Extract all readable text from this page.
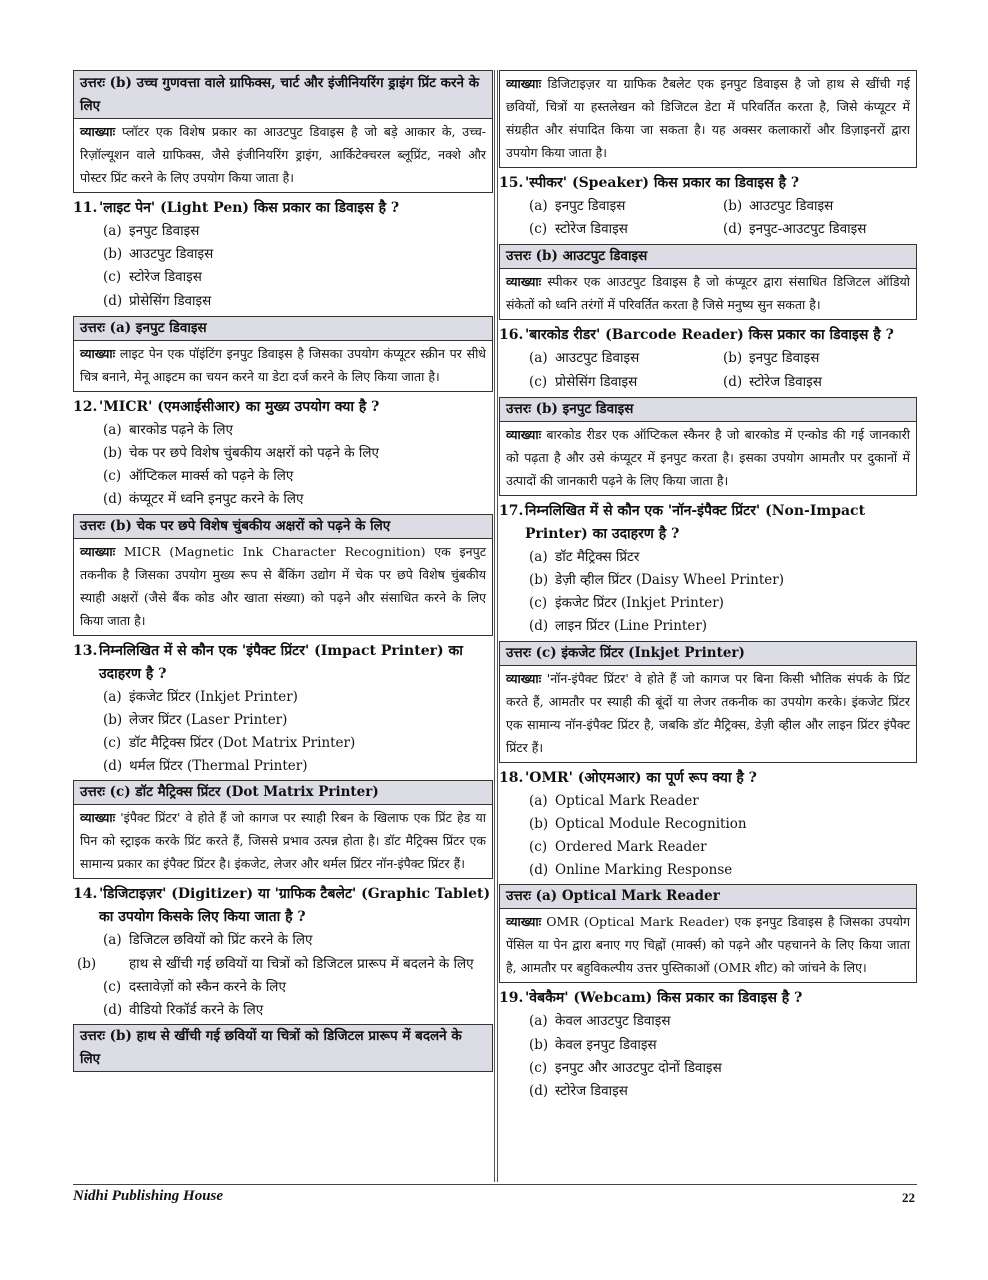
उत्तरः (b) उच्च गुणवत्ता वाले ग्राफिक्स, चार्ट और इंजीनियरिंग ड्राइंग प्रिंट करने के लिए
व्याख्याः प्लॉटर एक विशेष प्रकार का आउटपुट डिवाइस है जो बड़े आकार के, उच्च-रिज़ॉल्यूशन वाले ग्राफिक्स, जैसे इंजीनियरिंग ड्राइंग, आर्किटेक्चरल ब्लूप्रिंट, नक्शे और पोस्टर प्रिंट करने के लिए उपयोग किया जाता है।
11. 'लाइट पेन' (Light Pen) किस प्रकार का डिवाइस है ?
(a) इनपुट डिवाइस
(b) आउटपुट डिवाइस
(c) स्टोरेज डिवाइस
(d) प्रोसेसिंग डिवाइस
उत्तरः (a) इनपुट डिवाइस
व्याख्याः लाइट पेन एक पॉइंटिंग इनपुट डिवाइस है जिसका उपयोग कंप्यूटर स्क्रीन पर सीधे चित्र बनाने, मेनू आइटम का चयन करने या डेटा दर्ज करने के लिए किया जाता है।
12. 'MICR' (एमआईसीआर) का मुख्य उपयोग क्या है ?
(a) बारकोड पढ़ने के लिए
(b) चेक पर छपे विशेष चुंबकीय अक्षरों को पढ़ने के लिए
(c) ऑप्टिकल मार्क्स को पढ़ने के लिए
(d) कंप्यूटर में ध्वनि इनपुट करने के लिए
उत्तरः (b) चेक पर छपे विशेष चुंबकीय अक्षरों को पढ़ने के लिए
व्याख्याः MICR (Magnetic Ink Character Recognition) एक इनपुट तकनीक है जिसका उपयोग मुख्य रूप से बैंकिंग उद्योग में चेक पर छपे विशेष चुंबकीय स्याही अक्षरों (जैसे बैंक कोड और खाता संख्या) को पढ़ने और संसाधित करने के लिए किया जाता है।
13. निम्नलिखित में से कौन एक 'इंपैक्ट प्रिंटर' (Impact Printer) का उदाहरण है ?
(a) इंकजेट प्रिंटर (Inkjet Printer)
(b) लेजर प्रिंटर (Laser Printer)
(c) डॉट मैट्रिक्स प्रिंटर (Dot Matrix Printer)
(d) थर्मल प्रिंटर (Thermal Printer)
उत्तरः (c) डॉट मैट्रिक्स प्रिंटर (Dot Matrix Printer)
व्याख्याः 'इंपैक्ट प्रिंटर' वे होते हैं जो कागज पर स्याही रिबन के खिलाफ एक प्रिंट हेड या पिन को स्ट्राइक करके प्रिंट करते हैं, जिससे प्रभाव उत्पन्न होता है। डॉट मैट्रिक्स प्रिंटर एक सामान्य प्रकार का इंपैक्ट प्रिंटर है। इंकजेट, लेजर और थर्मल प्रिंटर नॉन-इंपैक्ट प्रिंटर हैं।
14. 'डिजिटाइज़र' (Digitizer) या 'ग्राफिक टैबलेट' (Graphic Tablet) का उपयोग किसके लिए किया जाता है ?
(a) डिजिटल छवियों को प्रिंट करने के लिए
(b) हाथ से खींची गई छवियों या चित्रों को डिजिटल प्रारूप में बदलने के लिए
(c) दस्तावेज़ों को स्कैन करने के लिए
(d) वीडियो रिकॉर्ड करने के लिए
उत्तरः (b) हाथ से खींची गई छवियों या चित्रों को डिजिटल प्रारूप में बदलने के लिए
व्याख्याः डिजिटाइज़र या ग्राफिक टैबलेट एक इनपुट डिवाइस है जो हाथ से खींची गई छवियों, चित्रों या हस्तलेखन को डिजिटल डेटा में परिवर्तित करता है, जिसे कंप्यूटर में संग्रहीत और संपादित किया जा सकता है। यह अक्सर कलाकारों और डिज़ाइनरों द्वारा उपयोग किया जाता है।
15. 'स्पीकर' (Speaker) किस प्रकार का डिवाइस है ?
(a) इनपुट डिवाइस	(b) आउटपुट डिवाइस
(c) स्टोरेज डिवाइस	(d) इनपुट-आउटपुट डिवाइस
उत्तरः (b) आउटपुट डिवाइस
व्याख्याः स्पीकर एक आउटपुट डिवाइस है जो कंप्यूटर द्वारा संसाधित डिजिटल ऑडियो संकेतों को ध्वनि तरंगों में परिवर्तित करता है जिसे मनुष्य सुन सकता है।
16. 'बारकोड रीडर' (Barcode Reader) किस प्रकार का डिवाइस है ?
(a) आउटपुट डिवाइस	(b) इनपुट डिवाइस
(c) प्रोसेसिंग डिवाइस	(d) स्टोरेज डिवाइस
उत्तरः (b) इनपुट डिवाइस
व्याख्याः बारकोड रीडर एक ऑप्टिकल स्कैनर है जो बारकोड में एन्कोड की गई जानकारी को पढ़ता है और उसे कंप्यूटर में इनपुट करता है। इसका उपयोग आमतौर पर दुकानों में उत्पादों की जानकारी पढ़ने के लिए किया जाता है।
17. निम्नलिखित में से कौन एक 'नॉन-इंपैक्ट प्रिंटर' (Non-Impact Printer) का उदाहरण है ?
(a) डॉट मैट्रिक्स प्रिंटर
(b) डेज़ी व्हील प्रिंटर (Daisy Wheel Printer)
(c) इंकजेट प्रिंटर (Inkjet Printer)
(d) लाइन प्रिंटर (Line Printer)
उत्तरः (c) इंकजेट प्रिंटर (Inkjet Printer)
व्याख्याः 'नॉन-इंपैक्ट प्रिंटर' वे होते हैं जो कागज पर बिना किसी भौतिक संपर्क के प्रिंट करते हैं, आमतौर पर स्याही की बूंदों या लेजर तकनीक का उपयोग करके। इंकजेट प्रिंटर एक सामान्य नॉन-इंपैक्ट प्रिंटर है, जबकि डॉट मैट्रिक्स, डेज़ी व्हील और लाइन प्रिंटर इंपैक्ट प्रिंटर हैं।
18. 'OMR' (ओएमआर) का पूर्ण रूप क्या है ?
(a) Optical Mark Reader
(b) Optical Module Recognition
(c) Ordered Mark Reader
(d) Online Marking Response
उत्तरः (a) Optical Mark Reader
व्याख्याः OMR (Optical Mark Reader) एक इनपुट डिवाइस है जिसका उपयोग पेंसिल या पेन द्वारा बनाए गए चिह्नों (मार्क्स) को पढ़ने और पहचानने के लिए किया जाता है, आमतौर पर बहुविकल्पीय उत्तर पुस्तिकाओं (OMR शीट) को जांचने के लिए।
19. 'वेबकैम' (Webcam) किस प्रकार का डिवाइस है ?
(a) केवल आउटपुट डिवाइस
(b) केवल इनपुट डिवाइस
(c) इनपुट और आउटपुट दोनों डिवाइस
(d) स्टोरेज डिवाइस
Nidhi Publishing House	22
